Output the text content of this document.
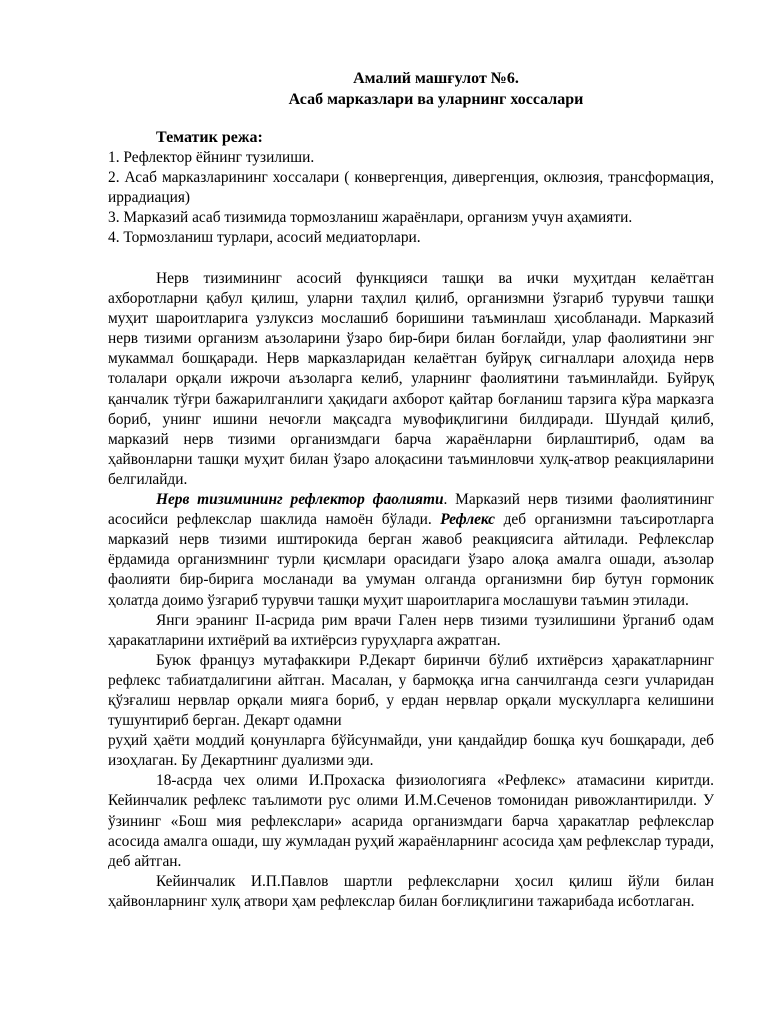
Амалий машғулот №6.
Асаб марказлари ва уларнинг хоссалари
Тематик режа:
1. Рефлектор ёйнинг тузилиши.
2. Асаб марказларининг хоссалари ( конвергенция, дивергенция, оклюзия, трансформация, иррадиация)
3. Марказий асаб тизимида тормозланиш жараёнлари, организм учун аҳамияти.
4. Тормозланиш турлари, асосий медиаторлари.

Нерв тизимининг асосий функцияси ташқи ва ички муҳитдан келаётган ахборотларни қабул қилиш, уларни таҳлил қилиб, организмни ўзгариб турувчи ташқи муҳит шароитларига узлуксиз мослашиб боришини таъминлаш ҳисобланади. Марказий нерв тизими организм аъзоларини ўзаро бир-бири билан боғлайди, улар фаолиятини энг мукаммал бошқаради. Нерв марказларидан келаётган буйруқ сигналлари алоҳида нерв толалари орқали ижрочи аъзоларга келиб, уларнинг фаолиятини таъминлайди. Буйруқ қанчалик тўғри бажарилганлиги ҳақидаги ахборот қайтар боғланиш тарзига кўра марказга бориб, унинг ишини нечоғли мақсадга мувофиқлигини билдиради. Шундай қилиб, марказий нерв тизими организмдаги барча жараёнларни бирлаштириб, одам ва ҳайвонларни ташқи муҳит билан ўзаро алоқасини таъминловчи хулқ-атвор реакцияларини белгилайди.

Нерв тизимининг рефлектор фаолияти. Марказий нерв тизими фаолиятининг асосийси рефлекслар шаклида намоён бўлади. Рефлекс деб организмни таъсиротларга марказий нерв тизими иштирокида берган жавоб реакциясига айтилади. Рефлекслар ёрдамида организмнинг турли қисмлари орасидаги ўзаро алоқа амалга ошади, аъзолар фаолияти бир-бирига мосланади ва умуман олганда организмни бир бутун гормоник ҳолатда доимо ўзгариб турувчи ташқи муҳит шароитларига мослашуви таъмин этилади.

Янги эранинг II-асрида рим врачи Гален нерв тизими тузилишини ўрганиб одам ҳаракатларини ихтиёрий ва ихтиёрсиз гуруҳларга ажратган.

Буюк француз мутафаккири Р.Декарт биринчи бўлиб ихтиёрсиз ҳаракатларнинг рефлекс табиатдалигини айтган. Масалан, у бармоққа игна санчилганда сезги учларидан қўзғалиш нервлар орқали мияга бориб, у ердан нервлар орқали мускулларга келишини тушунтириб берган. Декарт одамни

руҳий ҳаёти моддий қонунларга бўйсунмайди, уни қандайдир бошқа куч бошқаради, деб изоҳлаган. Бу Декартнинг дуализми эди.

18-асрда чех олими И.Прохаска физиологияга «Рефлекс» атамасини киритди. Кейинчалик рефлекс таълимоти рус олими И.М.Сеченов томонидан ривожлантирилди. У ўзининг «Бош мия рефлекслари» асарида организмдаги барча ҳаракатлар рефлекслар асосида амалга ошади, шу жумладан руҳий жараёнларнинг асосида ҳам рефлекслар туради, деб айтган.

Кейинчалик И.П.Павлов шартли рефлексларни ҳосил қилиш йўли билан ҳайвонларнинг хулқ атвори ҳам рефлекслар билан боғлиқлигини тажарибада исботлаган.
